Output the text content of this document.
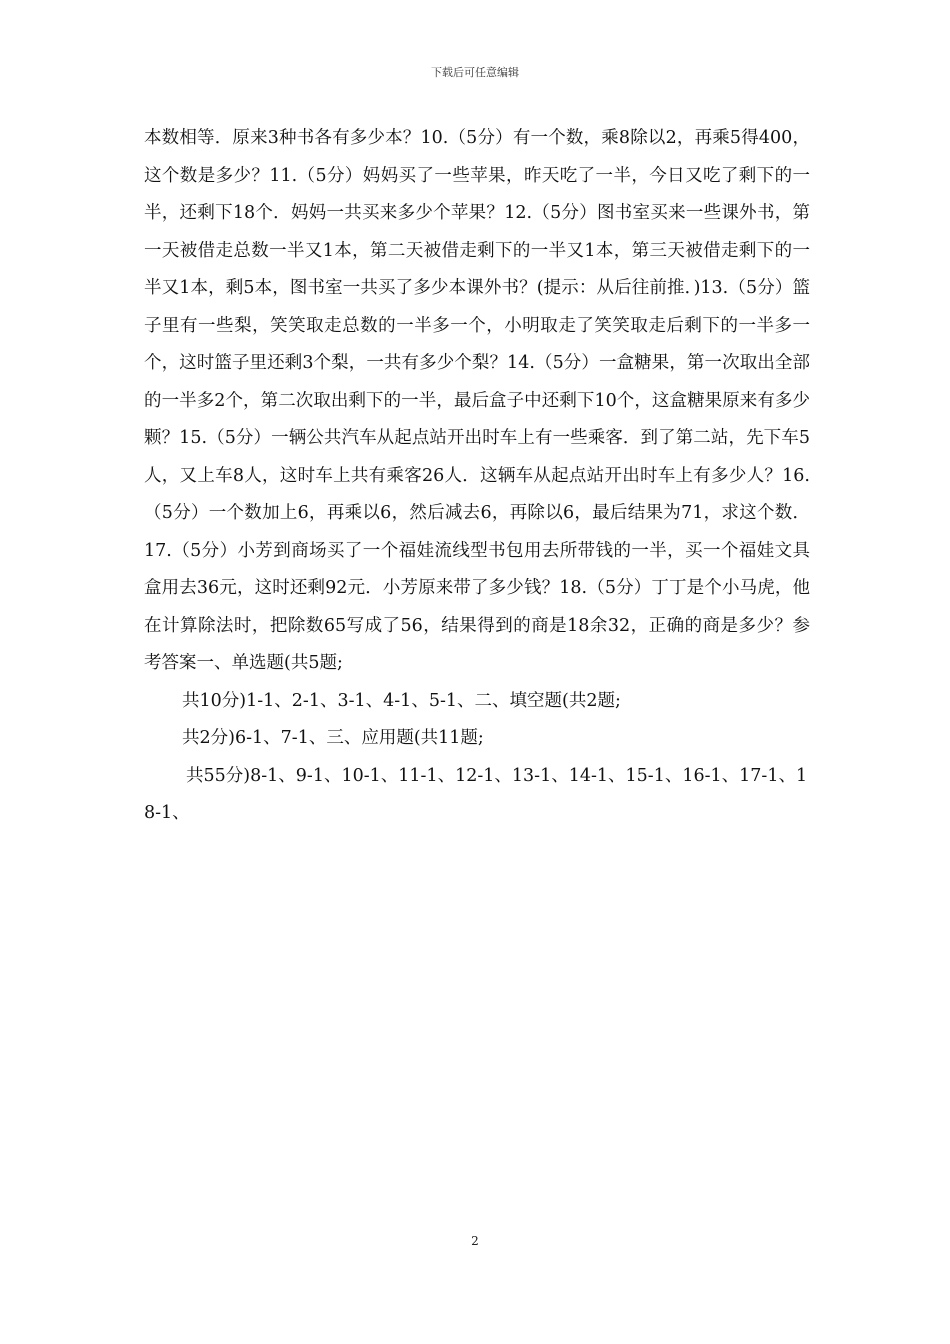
下载后可任意编辑

本数相等．原来3种书各有多少本？10.（5分）有一个数，乘8除以2，再乘5得400，这个数是多少？11.（5分）妈妈买了一些苹果，昨天吃了一半，今日又吃了剩下的一半，还剩下18个．妈妈一共买来多少个苹果？12.（5分）图书室买来一些课外书，第一天被借走总数一半又1本，第二天被借走剩下的一半又1本，第三天被借走剩下的一半又1本，剩5本，图书室一共买了多少本课外书？(提示：从后往前推．)13.（5分）篮子里有一些梨，笑笑取走总数的一半多一个，小明取走了笑笑取走后剩下的一半多一个，这时篮子里还剩3个梨，一共有多少个梨？14.（5分）一盒糖果，第一次取出全部的一半多2个，第二次取出剩下的一半，最后盒子中还剩下10个，这盒糖果原来有多少颗？15.（5分）一辆公共汽车从起点站开出时车上有一些乘客．到了第二站，先下车5人，又上车8人，这时车上共有乘客26人．这辆车从起点站开出时车上有多少人？16.（5分）一个数加上6，再乘以6，然后减去6，再除以6，最后结果为71，求这个数．17.（5分）小芳到商场买了一个福娃流线型书包用去所带钱的一半，买一个福娃文具盒用去36元，这时还剩92元．小芳原来带了多少钱？18.（5分）丁丁是个小马虎，他在计算除法时，把除数65写成了56，结果得到的商是18余32，正确的商是多少？参考答案一、单选题(共5题;

共10分)1-1、2-1、3-1、4-1、5-1、二、填空题(共2题;

共2分)6-1、7-1、三、应用题(共11题;

共55分)8-1、9-1、10-1、11-1、12-1、13-1、14-1、15-1、16-1、17-1、18-1、

2
